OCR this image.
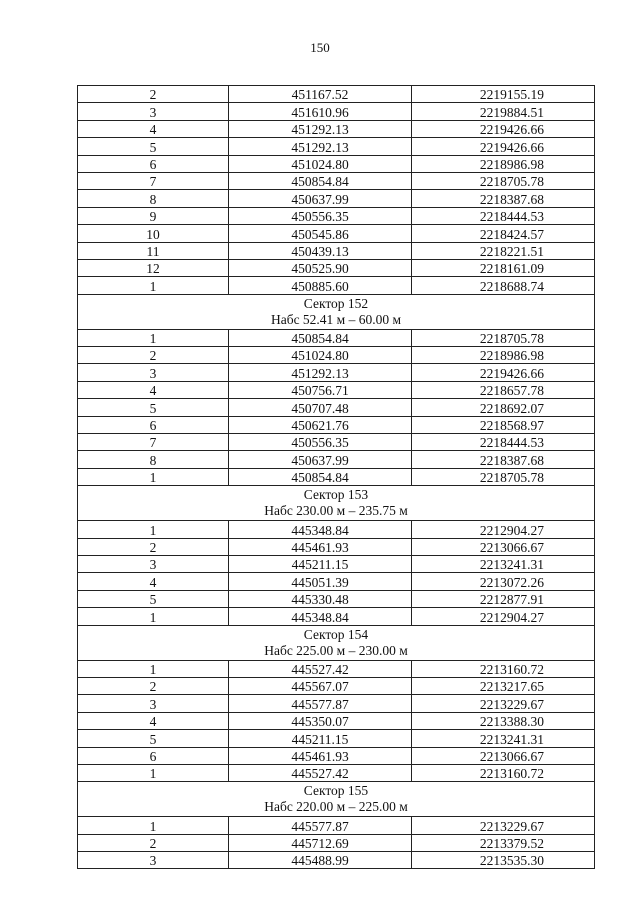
150
2	451167.52	2219155.19
3	451610.96	2219884.51
4	451292.13	2219426.66
5	451292.13	2219426.66
6	451024.80	2218986.98
7	450854.84	2218705.78
8	450637.99	2218387.68
9	450556.35	2218444.53
10	450545.86	2218424.57
11	450439.13	2218221.51
12	450525.90	2218161.09
1	450885.60	2218688.74

Сектор 152
Набс 52.41 м – 60.00 м		

1	450854.84	2218705.78
2	451024.80	2218986.98
3	451292.13	2219426.66
4	450756.71	2218657.78
5	450707.48	2218692.07
6	450621.76	2218568.97
7	450556.35	2218444.53
8	450637.99	2218387.68
1	450854.84	2218705.78

Сектор 153
Набс 230.00 м – 235.75 м		

1	445348.84	2212904.27
2	445461.93	2213066.67
3	445211.15	2213241.31
4	445051.39	2213072.26
5	445330.48	2212877.91
1	445348.84	2212904.27

Сектор 154
Набс 225.00 м – 230.00 м		

1	445527.42	2213160.72
2	445567.07	2213217.65
3	445577.87	2213229.67
4	445350.07	2213388.30
5	445211.15	2213241.31
6	445461.93	2213066.67
1	445527.42	2213160.72

Сектор 155
Набс 220.00 м – 225.00 м		

1	445577.87	2213229.67
2	445712.69	2213379.52
3	445488.99	2213535.30
